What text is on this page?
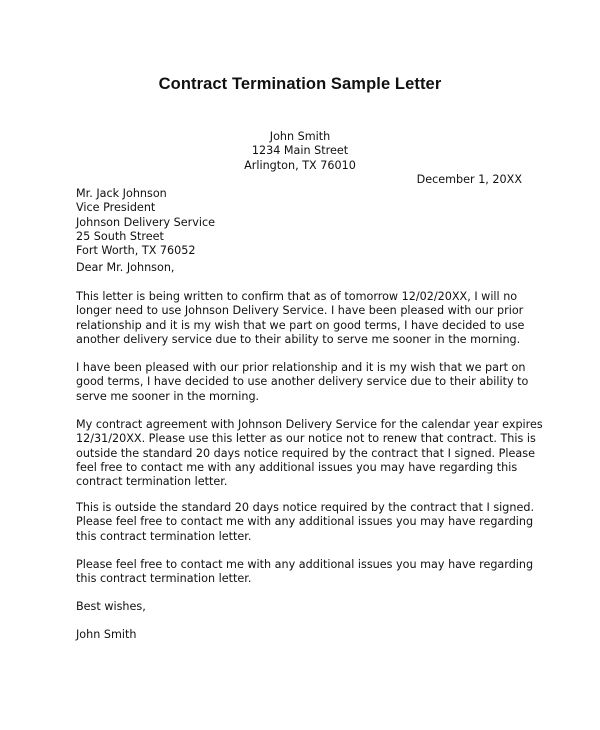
Contract Termination Sample Letter
John Smith
1234 Main Street
Arlington, TX 76010
December 1, 20XX
Mr. Jack Johnson
Vice President
Johnson Delivery Service
25 South Street
Fort Worth, TX 76052
Dear Mr. Johnson,
This letter is being written to confirm that as of tomorrow 12/02/20XX, I will no
longer need to use Johnson Delivery Service. I have been pleased with our prior
relationship and it is my wish that we part on good terms, I have decided to use
another delivery service due to their ability to serve me sooner in the morning.
I have been pleased with our prior relationship and it is my wish that we part on
good terms, I have decided to use another delivery service due to their ability to
serve me sooner in the morning.
My contract agreement with Johnson Delivery Service for the calendar year expires
12/31/20XX. Please use this letter as our notice not to renew that contract. This is
outside the standard 20 days notice required by the contract that I signed. Please
feel free to contact me with any additional issues you may have regarding this
contract termination letter.
This is outside the standard 20 days notice required by the contract that I signed.
Please feel free to contact me with any additional issues you may have regarding
this contract termination letter.
Please feel free to contact me with any additional issues you may have regarding
this contract termination letter.
Best wishes,
John Smith
